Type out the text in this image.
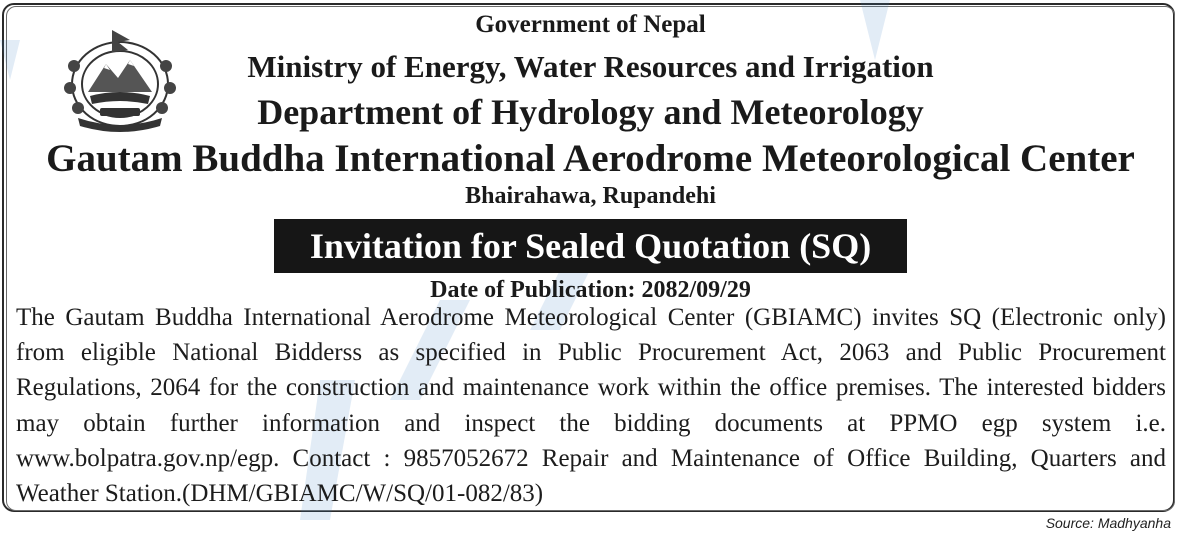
Government of Nepal
Ministry of Energy, Water Resources and Irrigation
Department of Hydrology and Meteorology
Gautam Buddha International Aerodrome Meteorological Center
Bhairahawa, Rupandehi
Invitation for Sealed Quotation (SQ)
Date of Publication: 2082/09/29
The Gautam Buddha International Aerodrome Meteorological Center (GBIAMC) invites SQ (Electronic only) from eligible National Bidderss as specified in Public Procurement Act, 2063 and Public Procurement Regulations, 2064 for the construction and maintenance work within the office premises. The interested bidders may obtain further information and inspect the bidding documents at PPMO egp system i.e. www.bolpatra.gov.np/egp. Contact : 9857052672 Repair and Maintenance of Office Building, Quarters and Weather Station.(DHM/GBIAMC/W/SQ/01-082/83)
Source: Madhyanha
